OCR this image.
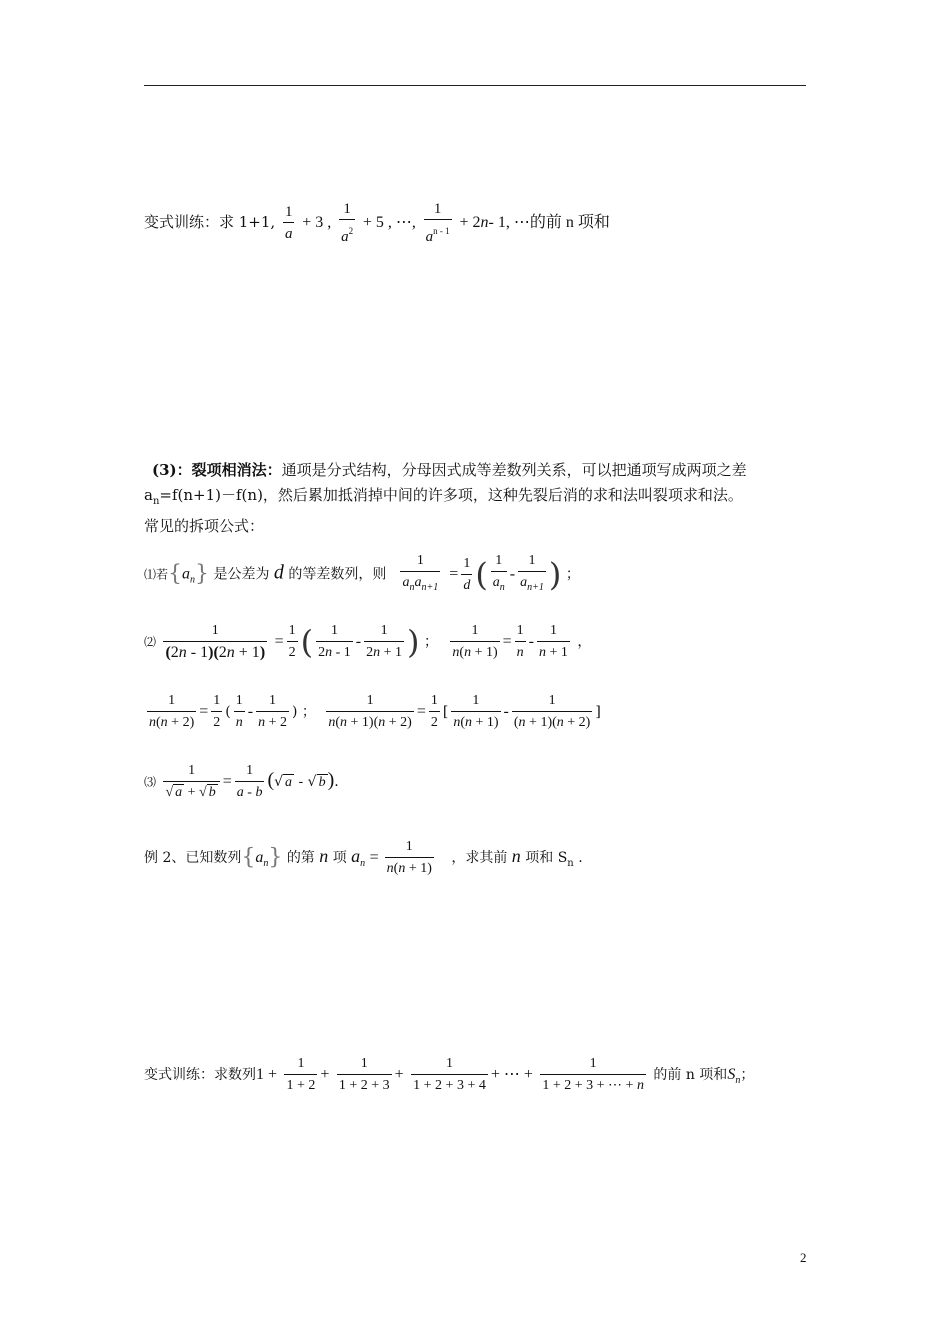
变式训练：求 1+1, $\frac{1}{a} + 3$ , $\frac{1}{a^2} + 5$ , ⋯, $\frac{1}{a^{n - 1}} + 2n-$ 1, ⋯的前 n 项和
(3)：裂项相消法：通项是分式结构，分母因式成等差数列关系，可以把通项写成两项之差
$a_n=f(n+1)-f(n)$，然后累加抵消掉中间的许多项，这种先裂后消的求和法叫裂项求和法。
常见的拆项公式：
⑴若$\{a_n\}$ 是公差为 d 的等差数列，则 $\frac{1}{a_na_{n+1}} = \frac{1}{d}$ ( $\frac{1}{a_n} - \frac{1}{a_{n+1}}$ ) ；
⑵ $\frac{1}{(2n - 1)(2n + 1)} = \frac{1}{2}$ ( $\frac{1}{2n - 1} - \frac{1}{2n + 1}$ ) ； $\frac{1}{n(n + 1)} = \frac{1}{n} - \frac{1}{n + 1}$ ，
$\frac{1}{n(n + 2)} = \frac{1}{2}$ ( $\frac{1}{n} - \frac{1}{n + 2}$ ) ； $\frac{1}{n(n + 1)(n + 2)} = \frac{1}{2}$ [ $\frac{1}{n(n + 1)} - \frac{1}{(n + 1)(n + 2)}$ ]
⑶ $\frac{1}{√ a + √ b} = \frac{1}{a - b}$ (√ a - √ b ).
例 2、已知数列$\{a_n\}$ 的第 n 项 $a_n = \frac{1}{n(n + 1)}$ ，求其前 n 项和 $S_n$ .
变式训练：求数列$1 + \frac{1}{1 + 2} + \frac{1}{1 + 2 + 3} + \frac{1}{1 + 2 + 3 + 4}$ + ⋯ + $\frac{1}{1 + 2 + 3 + \cdots + n}$ 的前 n 项和$S_n$；
2
